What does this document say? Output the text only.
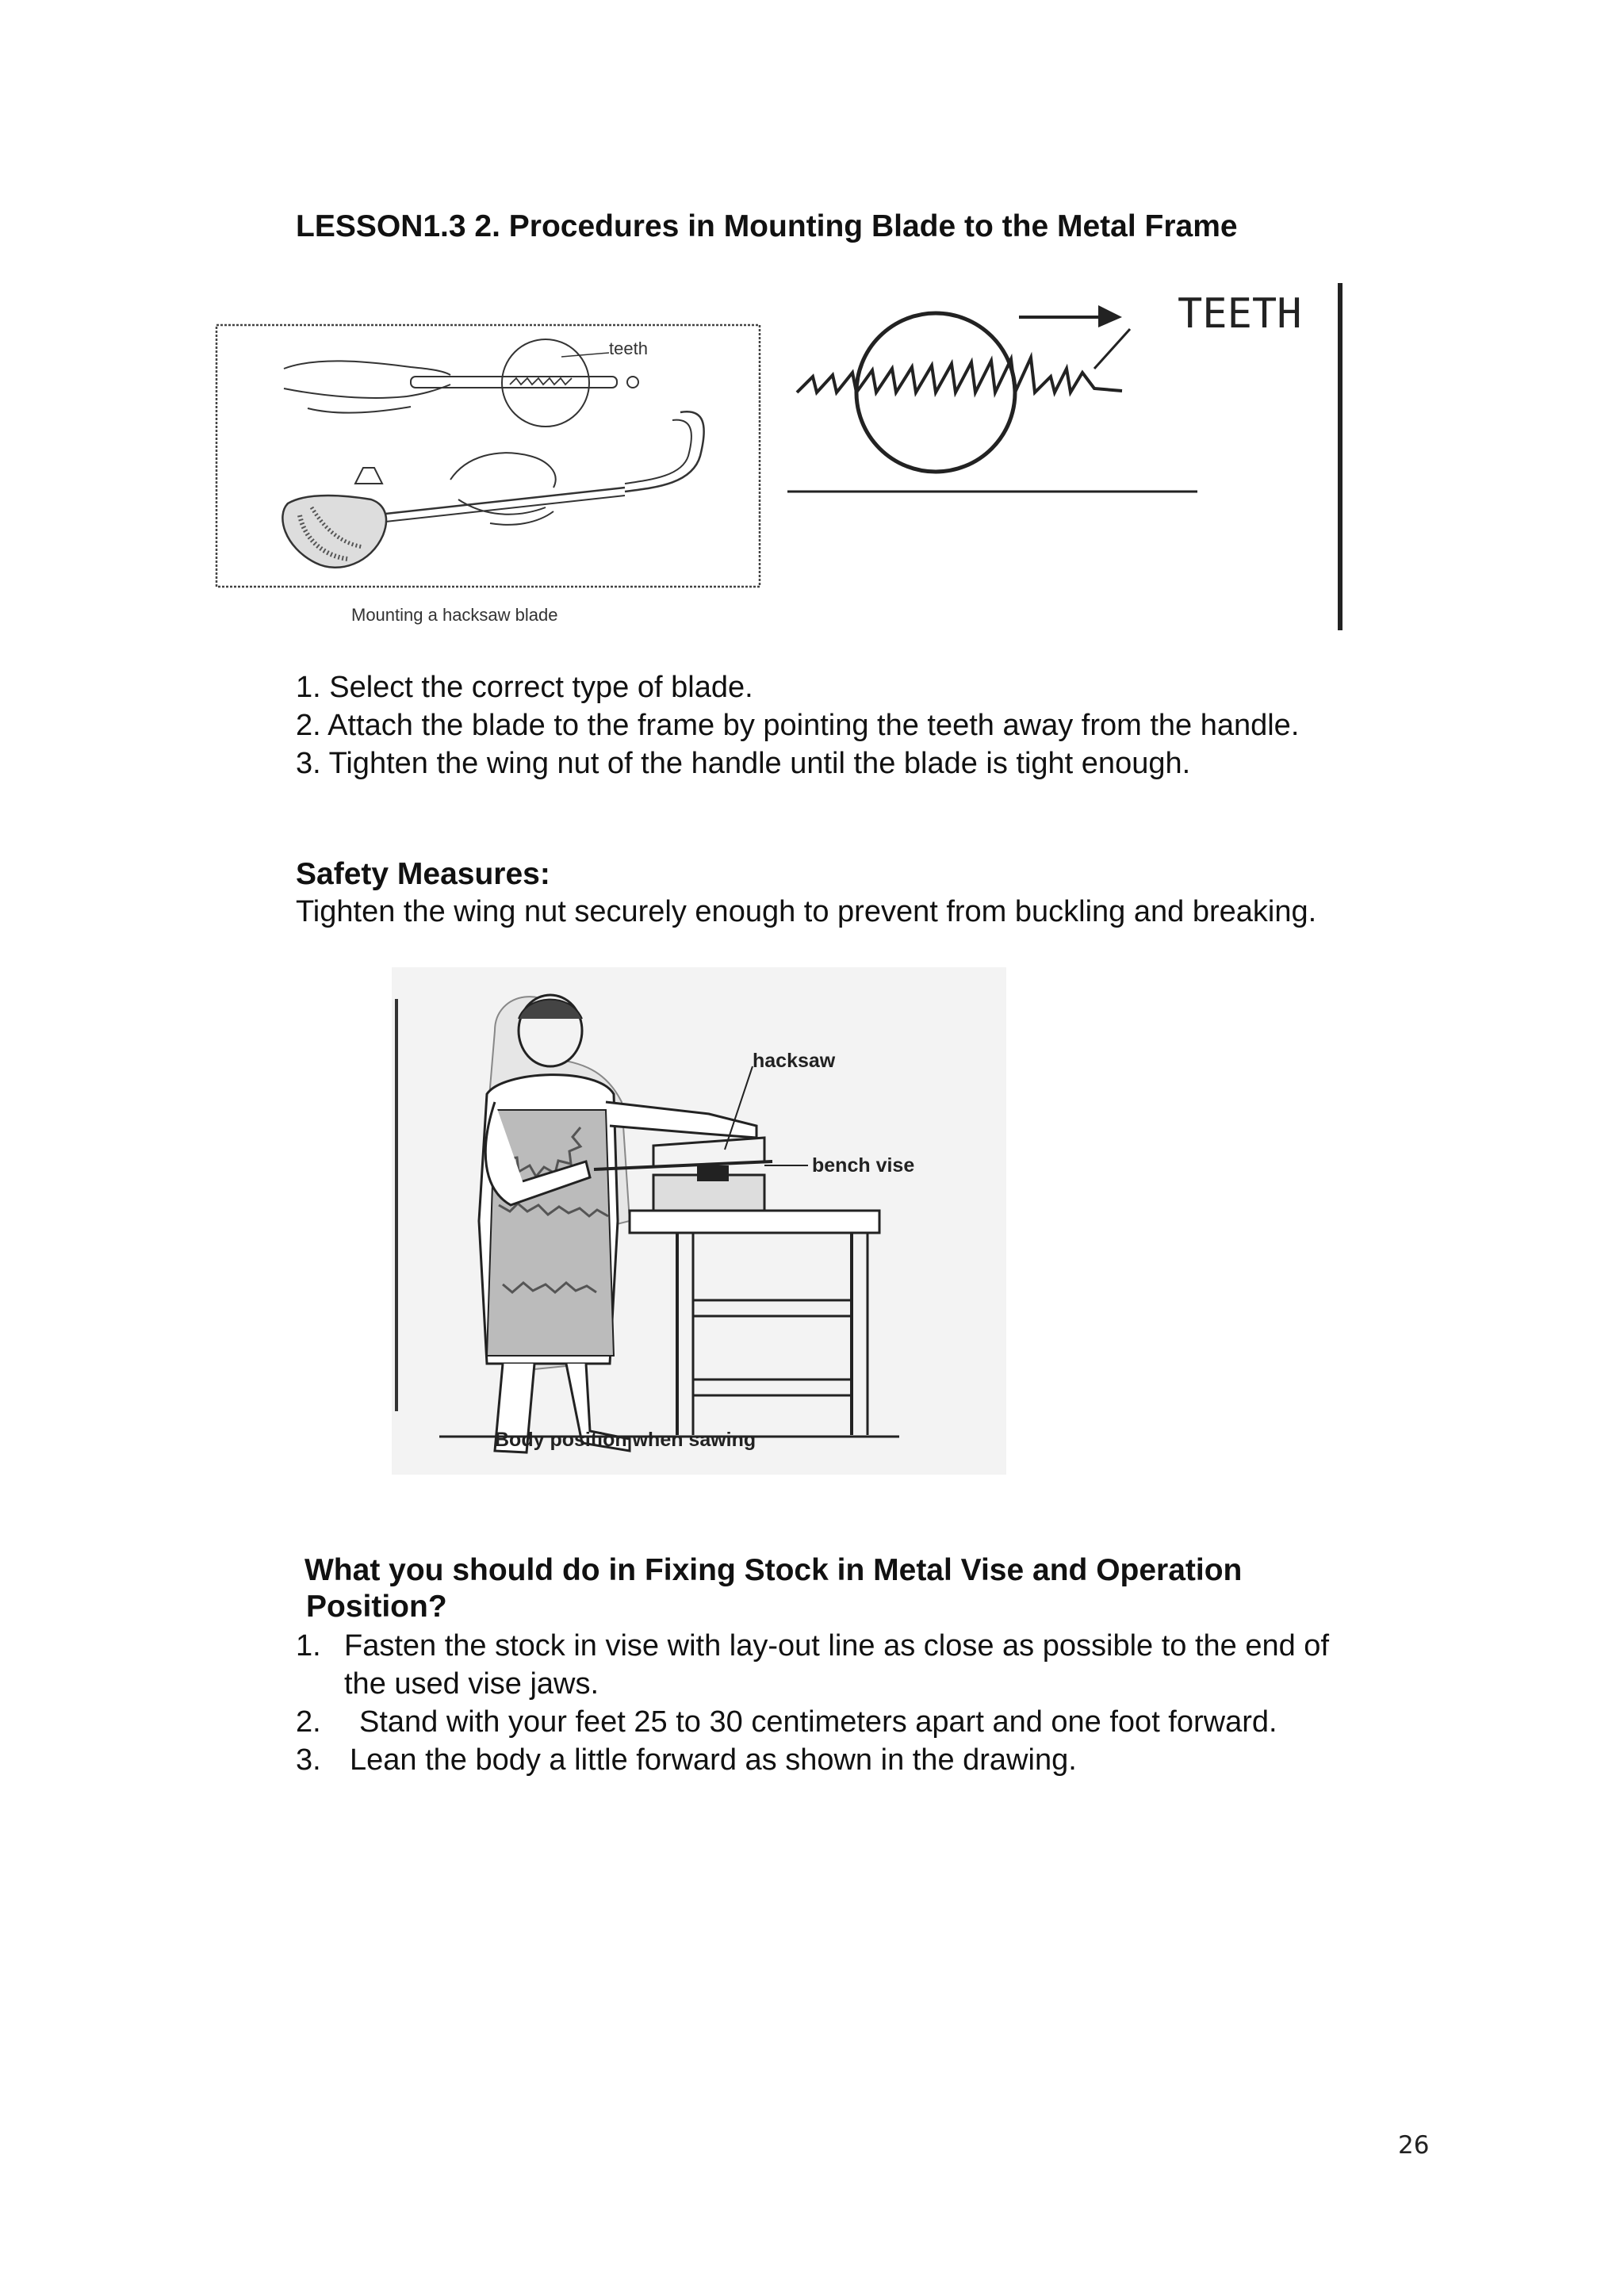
LESSON1.3 2. Procedures in Mounting Blade to the Metal Frame
teeth
Mounting a hacksaw blade
TEETH
1. Select the correct type of blade.
2. Attach the blade to the frame by pointing the teeth away from the handle.
3. Tighten the wing nut of the handle until the blade is tight enough.
Safety Measures:
Tighten the wing nut securely enough to prevent from buckling and breaking.
hacksaw
bench vise
Body position when sawing
What you should do in Fixing Stock in Metal Vise and Operation
Position?
1. Fasten the stock in vise with lay-out line as close as possible to the end of
the used vise jaws.
2. Stand with your feet 25 to 30 centimeters apart and one foot forward.
3. Lean the body a little forward as shown in the drawing.
26
